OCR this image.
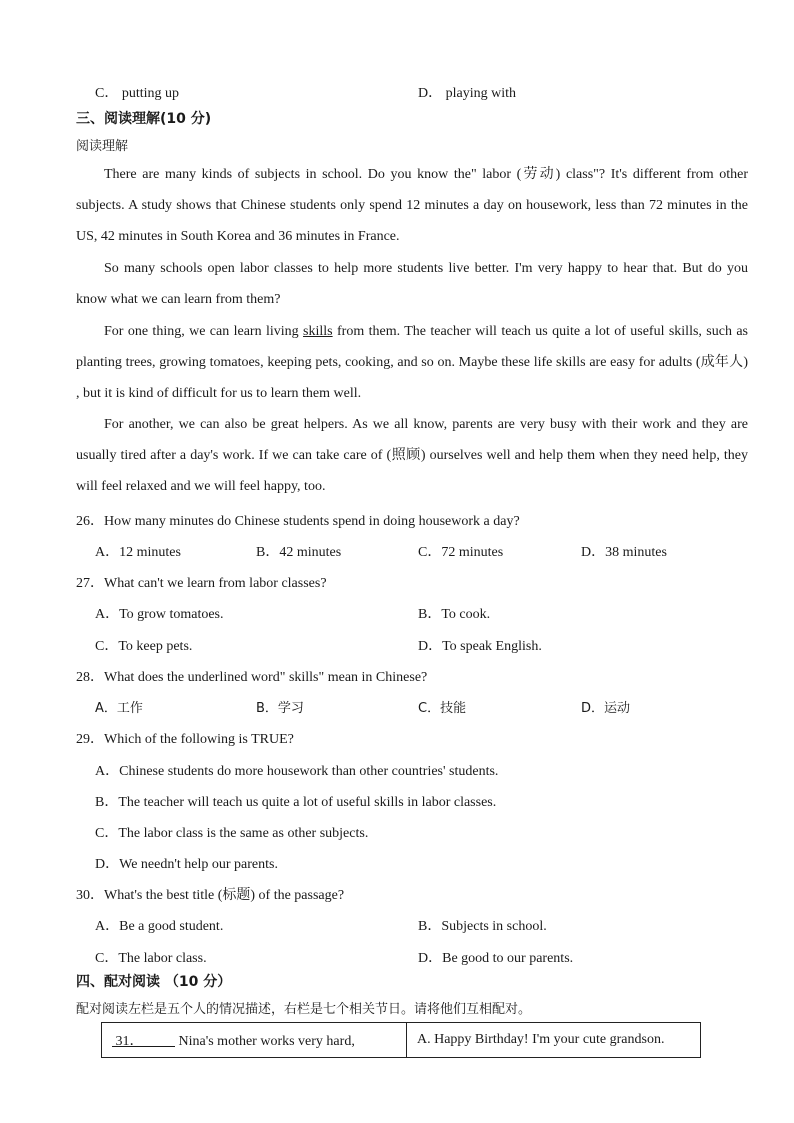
C． putting up	D． playing with
三、阅读理解(10 分)
阅读理解
There are many kinds of subjects in school. Do you know the" labor (劳动) class"? It's different from other subjects. A study shows that Chinese students only spend 12 minutes a day on housework, less than 72 minutes in the US, 42 minutes in South Korea and 36 minutes in France.
So many schools open labor classes to help more students live better. I'm very happy to hear that. But do you know what we can learn from them?
For one thing, we can learn living skills from them. The teacher will teach us quite a lot of useful skills, such as planting trees, growing tomatoes, keeping pets, cooking, and so on. Maybe these life skills are easy for adults (成年人) , but it is kind of difficult for us to learn them well.
For another, we can also be great helpers. As we all know, parents are very busy with their work and they are usually tired after a day's work. If we can take care of (照顾) ourselves well and help them when they need help, they will feel relaxed and we will feel happy, too.
26．How many minutes do Chinese students spend in doing housework a day?
A．12 minutes	B．42 minutes	C．72 minutes	D．38 minutes
27．What can't we learn from labor classes?
A．To grow tomatoes.	B．To cook.
C．To keep pets.	D．To speak English.
28．What does the underlined word" skills" mean in Chinese?
A．工作	B．学习	C．技能	D．运动
29．Which of the following is TRUE?
A．Chinese students do more housework than other countries' students.
B．The teacher will teach us quite a lot of useful skills in labor classes.
C．The labor class is the same as other subjects.
D．We needn't help our parents.
30．What's the best title (标题) of the passage?
A．Be a good student.	B．Subjects in school.
C．The labor class.	D．Be good to our parents.
四、配对阅读 （10 分）
配对阅读左栏是五个人的情况描述，右栏是七个相关节日。请将他们互相配对。
31．          Nina's mother works very hard,	A. Happy Birthday! I'm your cute grandson.
